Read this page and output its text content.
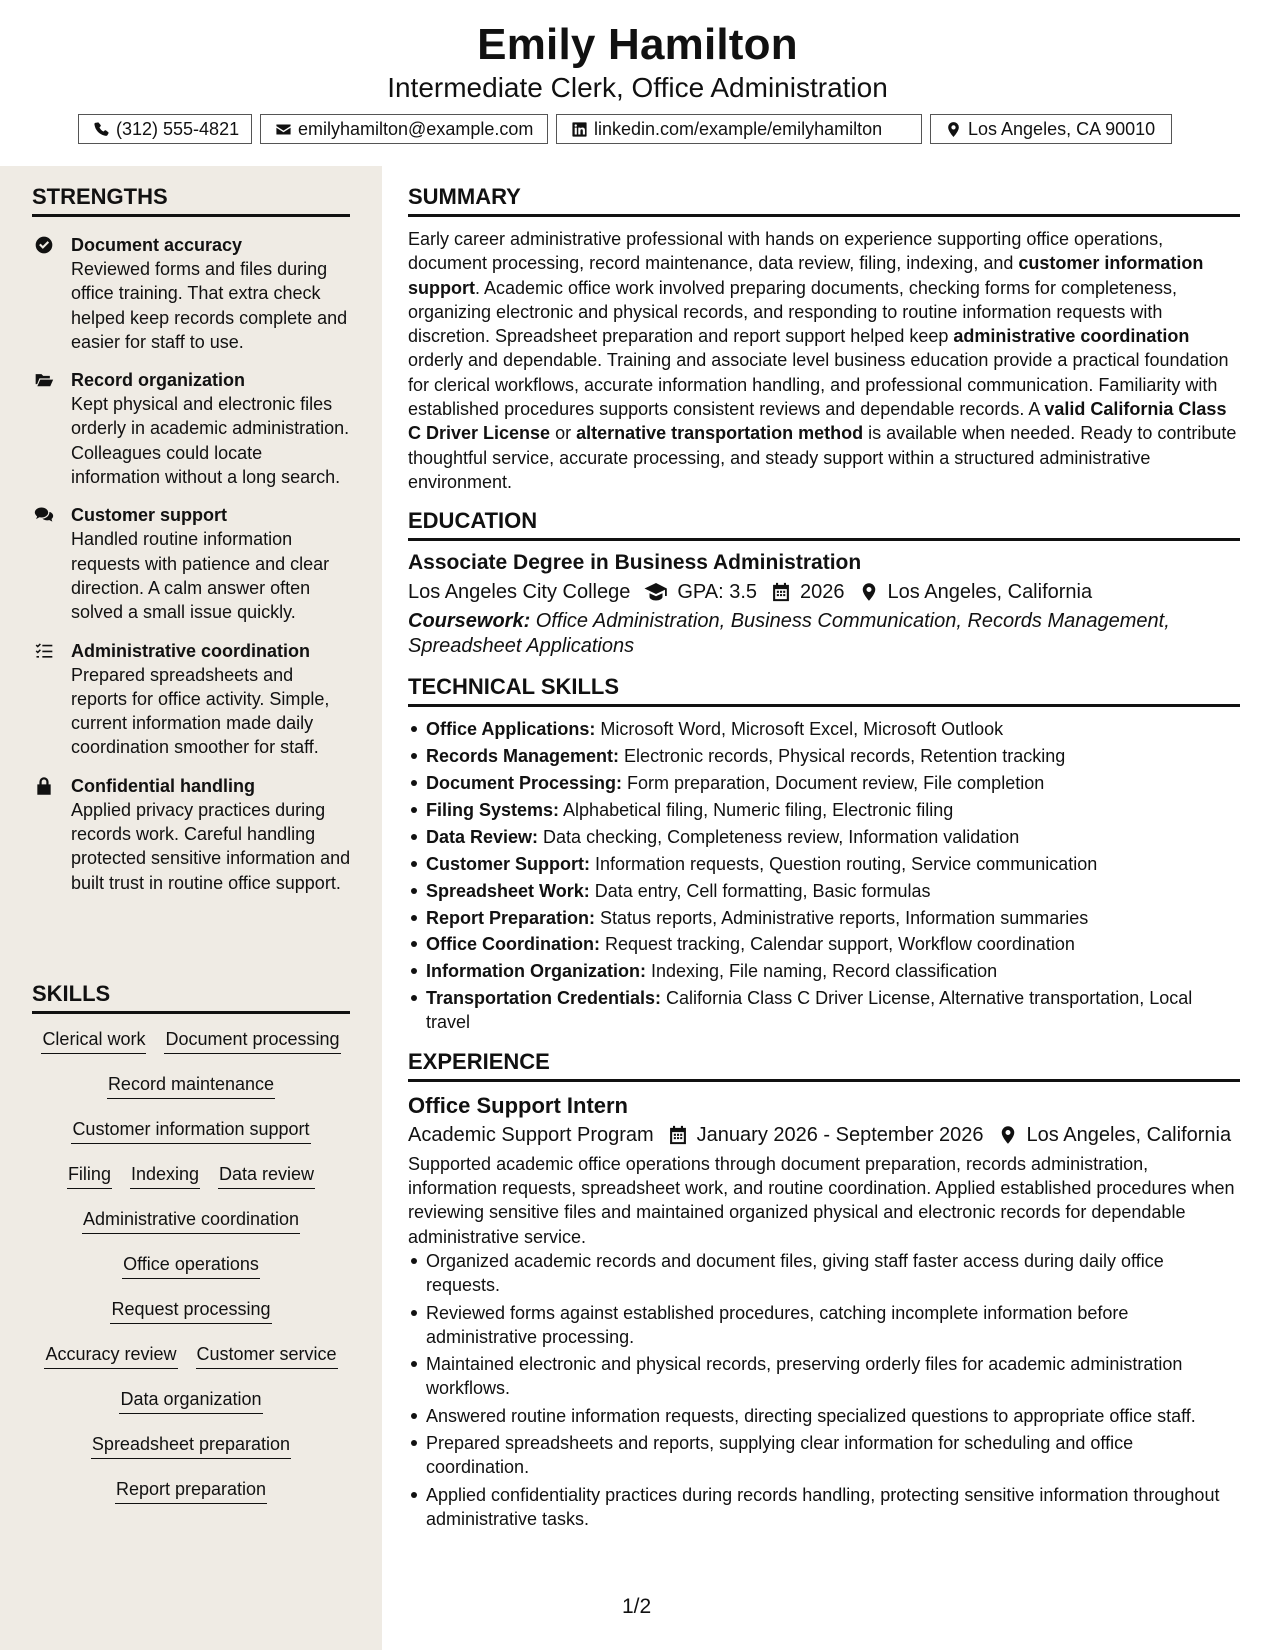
Emily Hamilton
Intermediate Clerk, Office Administration
(312) 555-4821	emilyhamilton@example.com	linkedin.com/example/emilyhamilton	Los Angeles, CA 90010
STRENGTHS
Document accuracy
Reviewed forms and files during office training. That extra check helped keep records complete and easier for staff to use.
Record organization
Kept physical and electronic files orderly in academic administration. Colleagues could locate information without a long search.
Customer support
Handled routine information requests with patience and clear direction. A calm answer often solved a small issue quickly.
Administrative coordination
Prepared spreadsheets and reports for office activity. Simple, current information made daily coordination smoother for staff.
Confidential handling
Applied privacy practices during records work. Careful handling protected sensitive information and built trust in routine office support.
SKILLS
Clerical work Document processing
Record maintenance
Customer information support
Filing Indexing Data review
Administrative coordination
Office operations
Request processing
Accuracy review Customer service
Data organization
Spreadsheet preparation
Report preparation
SUMMARY

Early career administrative professional with hands on experience supporting office operations, document processing, record maintenance, data review, filing, indexing, and customer information support. Academic office work involved preparing documents, checking forms for completeness, organizing electronic and physical records, and responding to routine information requests with discretion. Spreadsheet preparation and report support helped keep administrative coordination orderly and dependable. Training and associate level business education provide a practical foundation for clerical workflows, accurate information handling, and professional communication. Familiarity with established procedures supports consistent reviews and dependable records. A valid California Class C Driver License or alternative transportation method is available when needed. Ready to contribute thoughtful service, accurate processing, and steady support within a structured administrative environment.

EDUCATION
Associate Degree in Business Administration
Los Angeles City College GPA: 3.5 2026 Los Angeles, California

Coursework: Office Administration, Business Communication, Records Management, Spreadsheet Applications

TECHNICAL SKILLS
Office Applications: Microsoft Word, Microsoft Excel, Microsoft Outlook
Records Management: Electronic records, Physical records, Retention tracking
Document Processing: Form preparation, Document review, File completion
Filing Systems: Alphabetical filing, Numeric filing, Electronic filing
Data Review: Data checking, Completeness review, Information validation
Customer Support: Information requests, Question routing, Service communication
Spreadsheet Work: Data entry, Cell formatting, Basic formulas
Report Preparation: Status reports, Administrative reports, Information summaries
Office Coordination: Request tracking, Calendar support, Workflow coordination
Information Organization: Indexing, File naming, Record classification
Transportation Credentials: California Class C Driver License, Alternative transportation, Local travel
EXPERIENCE
Office Support Intern
Academic Support Program January 2026 - September 2026 Los Angeles, California

Supported academic office operations through document preparation, records administration, information requests, spreadsheet work, and routine coordination. Applied established procedures when reviewing sensitive files and maintained organized physical and electronic records for dependable administrative service.

Organized academic records and document files, giving staff faster access during daily office requests.
Reviewed forms against established procedures, catching incomplete information before administrative processing.
Maintained electronic and physical records, preserving orderly files for academic administration workflows.
Answered routine information requests, directing specialized questions to appropriate office staff.
Prepared spreadsheets and reports, supplying clear information for scheduling and office coordination.
Applied confidentiality practices during records handling, protecting sensitive information throughout administrative tasks.
1/2
